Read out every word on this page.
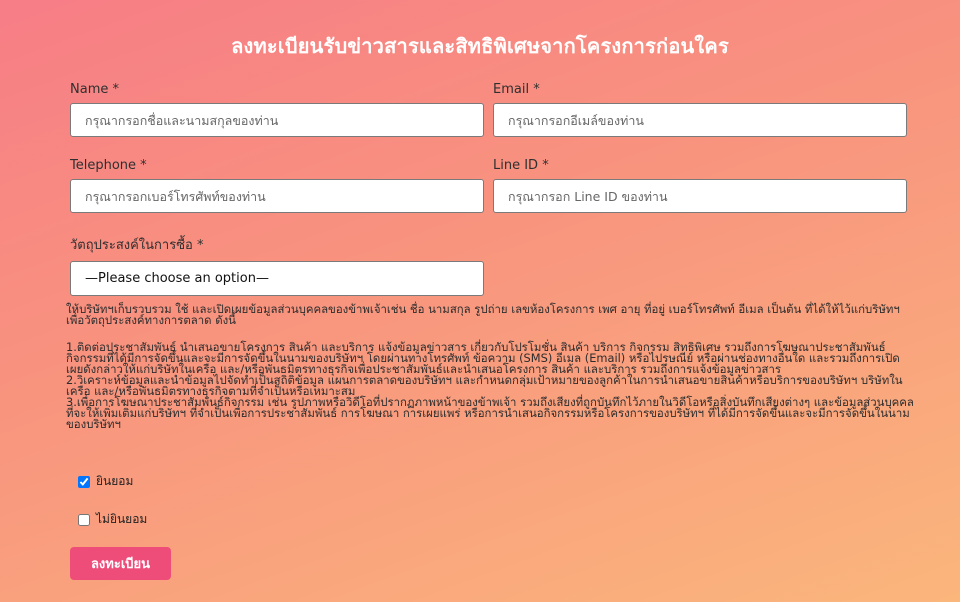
ลงทะเบียนรับข่าวสารและสิทธิพิเศษจากโครงการก่อนใคร
Name *
กรุณากรอกชื่อและนามสกุลของท่าน	Email *
กรุณากรอกอีเมล์ของท่าน
Telephone *
กรุณากรอกเบอร์โทรศัพท์ของท่าน	Line ID *
กรุณากรอก Line ID ของท่าน
วัตถุประสงค์ในการซื้อ *
—Please choose an option—
ให้บริษัทฯเก็บรวบรวม ใช้ และเปิดเผยข้อมูลส่วนบุคคลของข้าพเจ้าเช่น ชื่อ นามสกุล รูปถ่าย เลขห้องโครงการ เพศ อายุ ที่อยู่ เบอร์โทรศัพท์ อีเมล เป็นต้น ที่ได้ให้ไว้แก่บริษัทฯ เพื่อวัตถุประสงค์ทางการตลาด ดังนี้
1.ติดต่อประชาสัมพันธ์ นำเสนอขายโครงการ สินค้า และบริการ แจ้งข้อมูลข่าวสาร เกี่ยวกับโปรโมชั่น สินค้า บริการ กิจกรรม สิทธิพิเศษ รวมถึงการโฆษณาประชาสัมพันธ์กิจกรรมที่ได้มีการจัดขึ้นและจะมีการจัดขึ้นในนามของบริษัทฯ โดยผ่านทางโทรศัพท์ ข้อความ (SMS) อีเมล (Email) หรือไปรษณีย์ หรือผ่านช่องทางอื่นใด และรวมถึงการเปิดเผยดังกล่าวให้แก่บริษัทในเครือ และ/หรือพันธมิตรทางธุรกิจเพื่อประชาสัมพันธ์และนำเสนอโครงการ สินค้า และบริการ รวมถึงการแจ้งข้อมูลข่าวสาร
2.วิเคราะห์ข้อมูลและนำข้อมูลไปจัดทำเป็นสถิติข้อมูล แผนการตลาดของบริษัทฯ และกำหนดกลุ่มเป้าหมายของลูกค้าในการนำเสนอขายสินค้าหรือบริการของบริษัทฯ บริษัทในเครือ และ/หรือพันธมิตรทางธุรกิจตามที่จำเป็นหรือเหมาะสม
3.เพื่อการโฆษณาประชาสัมพันธ์กิจกรรม เช่น รูปภาพหรือวิดีโอที่ปรากฏภาพหน้าของข้าพเจ้า รวมถึงเสียงที่ถูกบันทึกไว้ภายในวิดีโอหรือสิ่งบันทึกเสียงต่างๆ และข้อมูลส่วนบุคคลที่จะให้เพิ่มเติมแก่บริษัทฯ ที่จำเป็นเพื่อการประชาสัมพันธ์ การโฆษณา การเผยแพร่ หรือการนำเสนอกิจกรรมหรือโครงการของบริษัทฯ ที่ได้มีการจัดขึ้นและจะมีการจัดขึ้นในนามของบริษัทฯ
ยินยอม
ไม่ยินยอม
ลงทะเบียน
